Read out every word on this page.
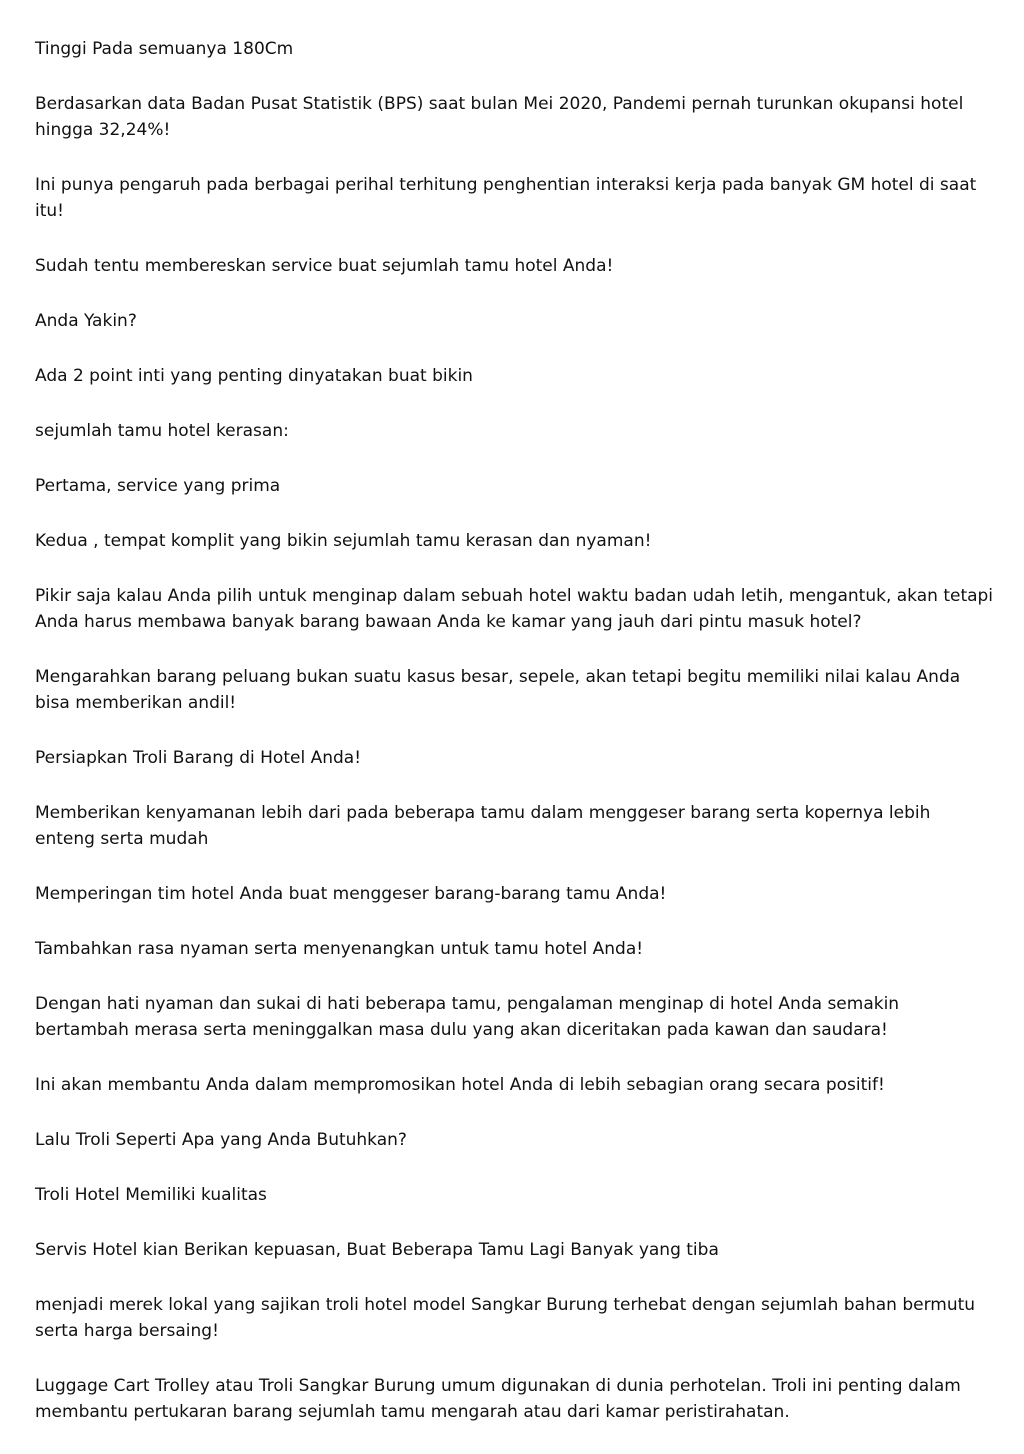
Tinggi Pada semuanya 180Cm

Berdasarkan data Badan Pusat Statistik (BPS) saat bulan Mei 2020, Pandemi pernah turunkan okupansi hotel hingga 32,24%!

Ini punya pengaruh pada berbagai perihal terhitung penghentian interaksi kerja pada banyak GM hotel di saat itu!

Sudah tentu membereskan service buat sejumlah tamu hotel Anda!

Anda Yakin?

Ada 2 point inti yang penting dinyatakan buat bikin

sejumlah tamu hotel kerasan:

Pertama, service yang prima

Kedua , tempat komplit yang bikin sejumlah tamu kerasan dan nyaman!

Pikir saja kalau Anda pilih untuk menginap dalam sebuah hotel waktu badan udah letih, mengantuk, akan tetapi Anda harus membawa banyak barang bawaan Anda ke kamar yang jauh dari pintu masuk hotel?

Mengarahkan barang peluang bukan suatu kasus besar, sepele, akan tetapi begitu memiliki nilai kalau Anda bisa memberikan andil!

Persiapkan Troli Barang di Hotel Anda!

Memberikan kenyamanan lebih dari pada beberapa tamu dalam menggeser barang serta kopernya lebih enteng serta mudah

Memperingan tim hotel Anda buat menggeser barang-barang tamu Anda!

Tambahkan rasa nyaman serta menyenangkan untuk tamu hotel Anda!

Dengan hati nyaman dan sukai di hati beberapa tamu, pengalaman menginap di hotel Anda semakin bertambah merasa serta meninggalkan masa dulu yang akan diceritakan pada kawan dan saudara!

Ini akan membantu Anda dalam mempromosikan hotel Anda di lebih sebagian orang secara positif!

Lalu Troli Seperti Apa yang Anda Butuhkan?

Troli Hotel Memiliki kualitas

Servis Hotel kian Berikan kepuasan, Buat Beberapa Tamu Lagi Banyak yang tiba

menjadi merek lokal yang sajikan troli hotel model Sangkar Burung terhebat dengan sejumlah bahan bermutu serta harga bersaing!

Luggage Cart Trolley atau Troli Sangkar Burung umum digunakan di dunia perhotelan. Troli ini penting dalam membantu pertukaran barang sejumlah tamu mengarah atau dari kamar peristirahatan.
